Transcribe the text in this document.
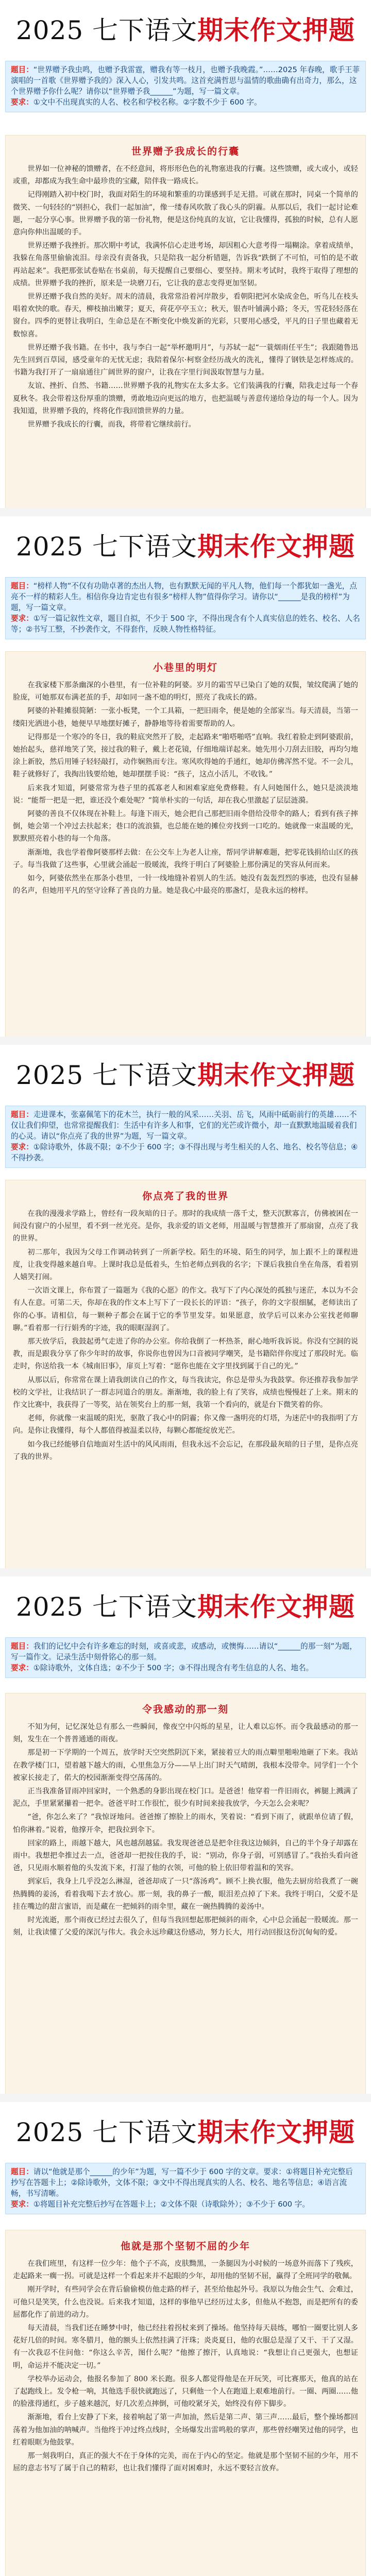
2025 七下语文期末作文押题

题目：“世界赠予我虫鸣，也赠予我雷霆，赠我有等一枝月，也赠予我晚霞。”……2025 年春晚，歌手王菲演唱的一首歌《世界赠予我的》深入人心，引发共鸣。这首充满哲思与温情的歌曲确有出奇力，那么，这个世界赠予你什么呢？请你以“世界赠予我______”为题，写一篇文章。

要求：①文中不出现真实的人名、校名和学校名称。②字数不少于 600 字。

世界赠予我成长的行囊

世界如一位神秘的馈赠者，在不经意间，将形形色色的礼物塞进我的行囊。这些馈赠，或大或小，或轻或重，却都成为我生命中最珍贵的宝藏，陪伴我一路成长。

记得刚踏入初中校门时，我面对陌生的环境和繁重的功课感到手足无措。可就在那时，同桌一个简单的微笑、一句轻轻的“别担心，我们一起加油”，像一缕春风吹散了我心头的阴霾。从那以后，我们一起讨论难题，一起分享心事。世界赠予我的第一份礼物，便是这份纯真的友谊，它让我懂得，孤独的时候，总有人愿意向你伸出温暖的手。

世界还赠予我挫折。那次期中考试，我满怀信心走进考场，却因粗心大意考得一塌糊涂。拿着成绩单，我躲在角落里偷偷流泪。母亲没有责备我，只是陪我一起分析错题，告诉我“跌倒了不可怕，可怕的是不敢再站起来”。我把那张试卷贴在书桌前，每天提醒自己要细心、要坚持。期末考试时，我终于取得了理想的成绩。世界赠予我的挫折，原来是一块磨刀石，它让我的意志变得更加坚韧。

世界还赠予我自然的美好。周末的清晨，我常常沿着河岸散步，看朝阳把河水染成金色，听鸟儿在枝头唱着欢快的歌。春天，柳枝抽出嫩芽；夏天，荷花亭亭玉立；秋天，银杏叶铺满小路；冬天，雪花轻轻落在窗台。四季的更替让我明白，生命总是在不断变化中焕发新的光彩，只要用心感受，平凡的日子里也藏着无数惊喜。

世界还赠予我书籍。在书中，我与李白一起“举杯邀明月”，与苏轼一起“一蓑烟雨任平生”；我跟随鲁迅先生回到百草园，感受童年的无忧无虑；我陪着保尔·柯察金经历战火的洗礼，懂得了钢铁是怎样炼成的。书籍为我打开了一扇扇通往广阔世界的窗户，让我在字里行间汲取智慧与力量。

友谊、挫折、自然、书籍……世界赠予我的礼物实在太多太多。它们装满我的行囊，陪我走过每一个春夏秋冬。我会带着这份厚重的馈赠，勇敢地迈向更远的地方，也把温暖与善意传递给身边的每一个人。因为我知道，世界赠予我的，终将化作我回馈世界的力量。

世界赠予我成长的行囊，而我，将带着它继续前行。

2025 七下语文期末作文押题

题目：“榜样人物”不仅有功勋卓著的杰出人物，也有默默无闻的平凡人物，他们每一个都犹如一盏光，点亮不一样的精彩人生。相信你身边肯定也有很多“榜样人物”值得你学习。请你以“______是我的榜样”为题，写一篇文章。

要求：①写一篇记叙性文章，题目自拟，不少于 500 字，不得出现含有个人真实信息的姓名、校名、人名等；②书写工整，不抄袭作文，不得套作，反映人物性格特征。

小巷里的明灯

在我家楼下那条幽深的小巷里，有一位补鞋的阿婆。岁月的霜雪早已染白了她的双鬓，皱纹爬满了她的脸庞，可她那双布满老茧的手，却如同一盏不熄的明灯，照亮了我成长的路。

阿婆的补鞋摊很简陋：一张小板凳，一个工具箱，一把旧雨伞，便是她的全部家当。每天清晨，当第一缕阳光洒进小巷，她便早早地摆好摊子，静静地等待着需要帮助的人。

记得那是一个寒冷的冬日，我的鞋底突然开了胶，走起路来“啪嗒啪嗒”直响。我红着脸走到阿婆跟前，她抬起头，慈祥地笑了笑，接过我的鞋子，戴上老花镜，仔细地端详起来。她先用小刀刮去旧胶，再均匀地涂上新胶，然后用锤子轻轻敲打，动作娴熟而专注。寒风吹得她的手通红，她却仿佛浑然不觉。不一会儿，鞋子就修好了，我掏出钱要给她，她却摆摆手说：“孩子，这点小活儿，不收钱。”

后来我才知道，阿婆常常为巷子里的孤寡老人和困难家庭免费修鞋。有人问她图什么，她只是淡淡地说：“能帮一把是一把，谁还没个难处呢？”简单朴实的一句话，却在我心里激起了层层涟漪。

阿婆的善良不仅体现在补鞋上。每逢下雨天，她会把自己那把旧雨伞借给没带伞的路人；看到有孩子摔倒，她会第一个冲过去扶起来；巷口的流浪猫，也总能在她的摊位旁找到一口吃的。她就像一束温暖的光，默默照亮着小巷的每一个角落。

渐渐地，我也学着像阿婆那样去做：在公交车上为老人让座，帮同学讲解难题，把零花钱捐给山区的孩子。每当我做了这些事，心里就会涌起一股暖流，我终于明白了阿婆脸上那份满足的笑容从何而来。

如今，阿婆依然坐在那条小巷里，一针一线地缝补着别人的生活。她没有轰轰烈烈的事迹，也没有显赫的名声，但她用平凡的坚守诠释了善良的力量。她是我心中最亮的那盏灯，是我永远的榜样。

2025 七下语文期末作文押题

题目：走进课本，张嘉佩笔下的花木兰，执行一般的风采……关羽、岳飞，风雨中砥砺前行的英雄……不仅让我们仰望，也常常提醒我们：生活中有许多人和事，它们的光芒或许微小，却一直默默地温暖着我们的心灵。请以“你点亮了我的世界”为题，写一篇文章。

要求：①除诗歌外，体裁不限；②不少于 600 字；③不得出现与考生相关的人名、地名、校名等信息；④不得抄袭。

你点亮了我的世界

在我的漫漫求学路上，曾经有一段灰暗的日子。那时的我成绩一落千丈，整天沉默寡言，仿佛被困在一间没有窗户的小屋里，看不到一丝光亮。是你，我亲爱的语文老师，用温暖与智慧推开了那扇窗，点亮了我的世界。

初二那年，我因为父母工作调动转到了一所新学校。陌生的环境、陌生的同学，加上跟不上的课程进度，让我变得越来越自卑。上课时我总是低着头，生怕老师点到我的名字；下课后我独自坐在角落，看着别人嬉笑打闹。

一次语文课上，你布置了一篇题为《我的心愿》的作文。我写下了内心深处的孤独与迷茫，本以为不会有人在意。可第二天，你却在我的作文本上写下了一段长长的评语：“孩子，你的文字很细腻，老师读出了你的心事。请相信，每一颗种子都会在属于它的季节里发芽。如果愿意，放学后可以来办公室找老师聊聊。”看着那一行行娟秀的字迹，我的眼眶湿润了。

那天放学后，我鼓起勇气走进了你的办公室。你给我倒了一杯热茶，耐心地听我诉说。你没有空洞的说教，而是跟我分享了你少年时的故事，你说你也曾因为口音被同学嘲笑，是书籍陪伴你度过了那段时光。临走时，你送给我一本《城南旧事》，扉页上写着：“愿你也能在文字里找到属于自己的光。”

从那以后，你常常在课上请我朗读自己的作文，每当我读完，你总是带头为我鼓掌。你还推荐我参加学校的文学社，让我结识了一群志同道合的朋友。渐渐地，我的脸上有了笑容，成绩也慢慢赶了上来。期末的作文比赛中，我获得了一等奖，站在领奖台上的那一刻，我第一个看向的，就是台下微笑着的你。

老师，你就像一束温暖的阳光，驱散了我心中的阴霾；你又像一盏明亮的灯塔，为迷茫中的我指明了方向。是你让我懂得，每个人都值得被温柔以待，每颗心都能绽放光芒。

如今我已经能够自信地面对生活中的风风雨雨，但我永远不会忘记，在那段最灰暗的日子里，是你点亮了我的世界。

2025 七下语文期末作文押题

题目：我们的记忆中会有许多难忘的时刻，或喜或悲，或感动，或懊悔……请以“______的那一刻”为题，写一篇作文。记录生活中刻骨铭心的那一刻。

要求：①除诗歌外，文体自选；②不少于 500 字；③不得出现含有考生信息的人名、地名。

令我感动的那一刻

不知为何，记忆深处总有那么一些瞬间，像夜空中闪烁的星星，让人难以忘怀。而令我最感动的那一刻，发生在一个普普通通的雨夜。

那是初一下学期的一个周五，放学时天空突然阴沉下来，紧接着豆大的雨点噼里啪啦地砸了下来。我站在教学楼门口，望着越下越大的雨，心里焦急万分——早上出门时天气晴朗，我根本没带伞。同学们一个个被家长接走了，偌大的校园渐渐变得空荡荡的。

正当我准备冒雨冲回家时，一个熟悉的身影出现在校门口。是爸爸！他穿着一件旧雨衣，裤腿上溅满了泥点，手里紧紧攥着一把伞。爸爸平时工作很忙，很少有时间来接我放学，今天怎么会来呢？

“爸，你怎么来了？”我惊讶地问。爸爸擦了擦脸上的雨水，笑着说：“看到下雨了，就跟单位请了假，怕你淋着。”说着，他撑开伞，把我拉到伞下。

回家的路上，雨越下越大，风也越刮越猛。我发现爸爸总是把伞往我这边倾斜，自己的半个身子却露在雨中。我想把伞推过去一点，爸爸却一把按住我的手，说：“别动，你身子弱，可别感冒了。”我抬头看向爸爸，只见雨水顺着他的头发流下来，打湿了他的衣领，可他的脸上依旧带着温和的笑容。

到家后，我身上几乎没怎么淋湿，爸爸却成了一只“落汤鸡”。顾不上换衣服，他先去厨房给我煮了一碗热腾腾的姜汤，看着我喝下去才放心。那一刻，我的鼻子一酸，眼泪差点掉了下来。我终于明白，父爱不是挂在嘴边的甜言蜜语，而是藏在一把倾斜的雨伞里，藏在一碗热腾腾的姜汤中。

时光流逝，那个雨夜已经过去很久了，但每当我回想起那把倾斜的雨伞，心中总会涌起一股暖流。那一刻，让我读懂了父爱的深沉与伟大。我会永远珍藏这份感动，努力长大，用行动回报这份沉甸甸的爱。

2025 七下语文期末作文押题

题目：请以“他就是那个______的少年”为题，写一篇不少于 600 字的文章。要求：①将题目补充完整后抄写在答题卡上；②除诗歌外，文体不限；③文中不得出现真实的人名、校名、地名等信息；④语言流畅，书写清晰。

要求：①将题目补充完整后抄写在答题卡上；②文体不限（诗歌除外）；③不少于 600 字。

他就是那个坚韧不屈的少年

在我们班里，有这样一位少年：他个子不高，皮肤黝黑，一条腿因为小时候的一场意外而落下了残疾，走起路来一瘸一拐。可就是这样一个看起来并不起眼的少年，却用他的坚韧不屈，赢得了全班同学的敬佩。

刚开学时，有些同学会在背后偷偷模仿他走路的样子，甚至给他起外号。我原以为他会生气、会难过，可他只是笑笑，什么也没说。后来我才知道，这样的事他早已经历过太多，但他从不抱怨，而是把所有的委屈都化作了前进的动力。

每天清晨，当我们还在睡梦中时，他已经拄着拐杖来到了操场。他坚持每天晨练，哪怕一圈要比别人多花好几倍的时间。寒冬腊月，他的额头上依然挂满了汗珠；炎炎夏日，他的衣服总是湿了又干、干了又湿。有一次我忍不住问他：“你这么辛苦，图什么呢？”他擦了擦汗，认真地说：“我想让自己更强大，也想证明，命运并不能决定一切。”

学校举办运动会，他报名参加了 800 米长跑。很多人都觉得他是在开玩笑，可比赛那天，他真的站在了起跑线上。发令枪一响，其他选手很快就跑远了，只剩他一个人在跑道上艰难地前行。一圈、两圈……他的脸涨得通红，步子越来越沉，好几次差点摔倒，可他咬紧牙关，始终没有停下脚步。

渐渐地，看台上安静了下来，接着响起了第一声加油，然后是第二声、第三声……最后，整个操场都回荡着为他加油的呐喊声。当他终于冲过终点线时，全场爆发出雷鸣般的掌声，那些曾经嘲笑过他的同学，也红着眼眶为他鼓掌。

那一刻我明白，真正的强大不在于身体的完美，而在于内心的坚定。他就是那个坚韧不屈的少年，用不屈的意志书写了属于自己的精彩，也让我们懂得了面对困难时，永远不要轻言放弃。
